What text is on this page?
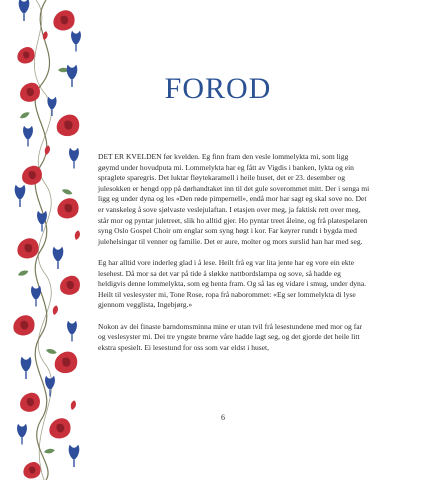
FOROD

DET ER KVELDEN før kvelden. Eg finn fram den vesle lommelykta mi, som ligg gøymd under hovudputa mi. Lommelykta har eg fått av Vigdis i banken, lykta og ein spraglete sparegris. Det luktar fløytekaramell i heile huset, det er 23. desember og julesokken er hengd opp på dørhandtaket inn til det gule soverommet mitt. Der i senga mi ligg eg under dyna og les «Den røde pimpernell», endå mor har sagt eg skal sove no. Det er vanskeleg å sove sjølvaste veslejulaftan. I etasjen over meg, ja faktisk rett over meg, står mor og pyntar juletreet, slik ho alltid gjer. Ho pyntar treet åleine, og frå platespelaren syng Oslo Gospel Choir om englar som syng høgt i kor. Far køyrer rundt i bygda med julehelsingar til venner og familie. Det er aure, molter og mors surslid han har med seg.

Eg har alltid vore inderleg glad i å lese. Heilt frå eg var lita jente har eg vore ein ekte lesehest. Då mor sa det var på tide å sløkke nattbordslampa og sove, så hadde eg heldigvis denne lommelykta, som eg henta fram. Og så las eg vidare i smug, under dyna. Heilt til veslesyster mi, Tone Rose, ropa frå naborommet: «Eg ser lommelykta di lyse gjennom vegglista, Ingebjørg.»

Nokon av dei finaste barndomsminna mine er utan tvil frå lesestundene med mor og far og veslesyster mi. Dei tre yngste brørne våre hadde lagt seg, og det gjorde det heile litt ekstra spesielt. Ei lesestund for oss som var eldst i huset,

6
